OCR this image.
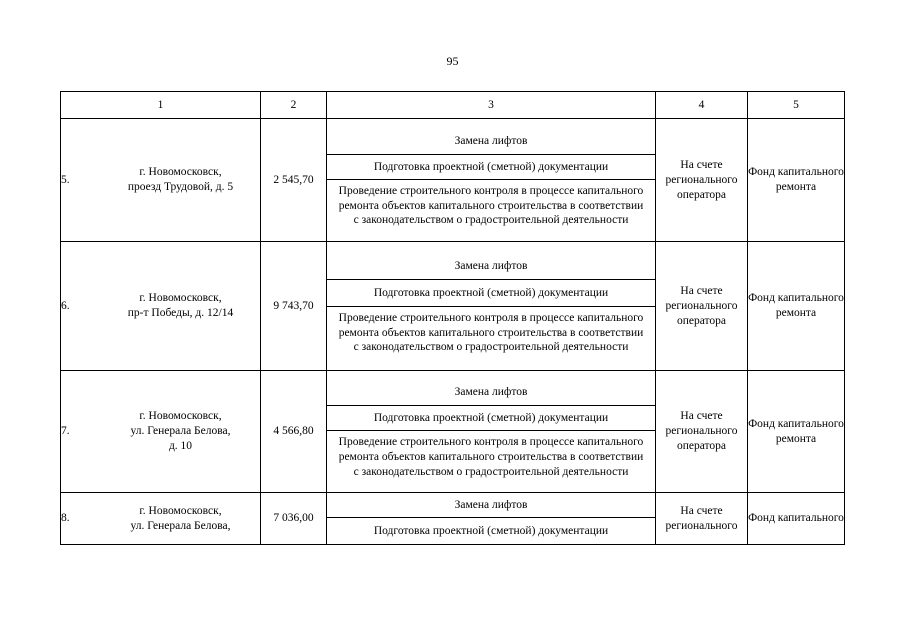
95
1	2	3	4	5

5.	
г. Новомосковск,
проезд Трудовой, д. 5
	2 545,70	
Замена лифтов
Подготовка проектной (сметной) документации
Проведение строительного контроля в процессе капитального ремонта объектов капитального строительства в соответствии с законодательством о градостроительной деятельности
	На счете регионального оператора	Фонд капитального ремонта

6.	
г. Новомосковск,
пр-т Победы, д. 12/14
	9 743,70	
Замена лифтов
Подготовка проектной (сметной) документации
Проведение строительного контроля в процессе капитального ремонта объектов капитального строительства в соответствии с законодательством о градостроительной деятельности
	На счете регионального оператора	Фонд капитального ремонта

7.	
г. Новомосковск,
ул. Генерала Белова,
д. 10
	4 566,80	
Замена лифтов
Подготовка проектной (сметной) документации
Проведение строительного контроля в процессе капитального ремонта объектов капитального строительства в соответствии с законодательством о градостроительной деятельности
	На счете регионального оператора	Фонд капитального ремонта

8.	
г. Новомосковск,
ул. Генерала Белова,
	7 036,00	
Замена лифтов
Подготовка проектной (сметной) документации
	На счете регионального	Фонд капитального
